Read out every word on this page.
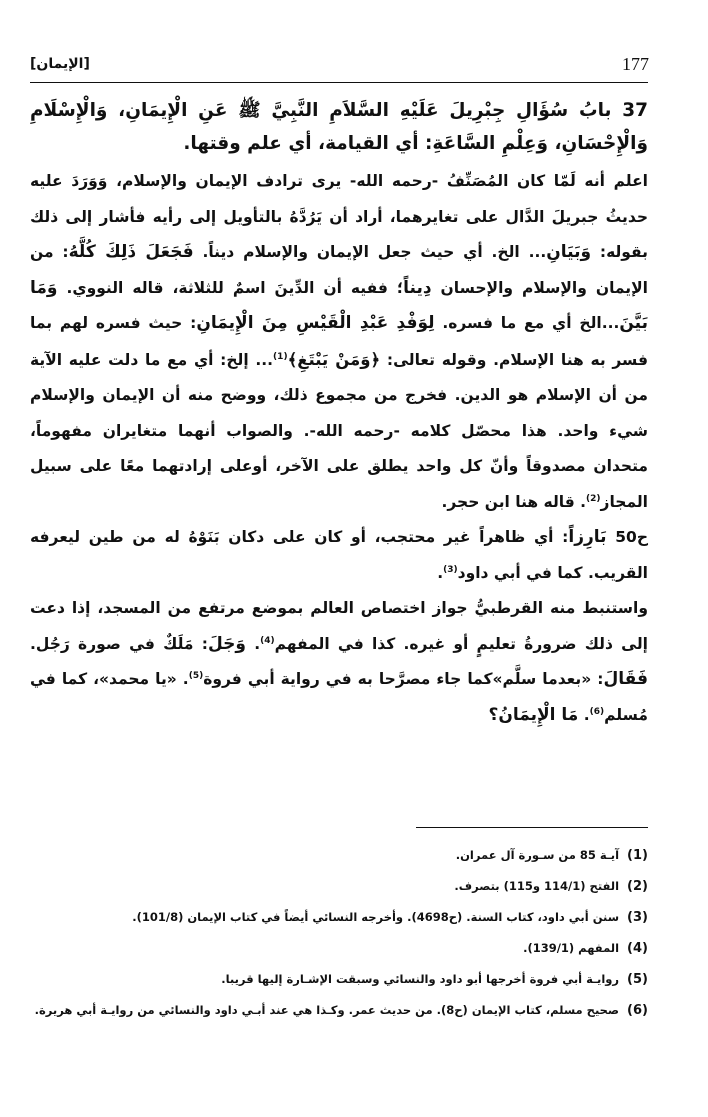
[الإيمان]	177

37 بابُ سُؤَالِ جِبْرِيلَ عَلَيْهِ السَّلاَمِ النَّبِيَّ ﷺ عَنِ الْإِيمَانِ، وَالْإِسْلَامِ وَالْإِحْسَانِ، وَعِلْمِ السَّاعَةِ: أي القيامة، أي علم وقتها.

اعلم أنه لَمّا كان المُصَنِّفُ -رحمه الله- يرى ترادف الإيمان والإسلام، وَوَرَدَ عليه حديثُ جبريلَ الدَّال على تغايرهما، أراد أن يَرُدَّهُ بالتأويل إلى رأيه فأشار إلى ذلك بقوله: وَبَيَانِ... الخ. أي حيث جعل الإيمان والإسلام ديناً. فَجَعَلَ ذَلِكَ كُلَّهُ: من الإيمان والإسلام والإحسان دِيناً؛ ففيه أن الدِّينَ اسمٌ للثلاثة، قاله النووي. وَمَا بَيَّنَ...الخ أي مع ما فسره. لِوَفْدِ عَبْدِ الْقَيْسِ مِنَ الْإِيمَانِ: حيث فسره لهم بما فسر به هنا الإسلام. وقوله تعالى: ﴿وَمَنْ يَبْتَغِ﴾$^{(1)}$... إلخ: أي مع ما دلت عليه الآية من أن الإسلام هو الدين. فخرج من مجموع ذلك، ووضح منه أن الإيمان والإسلام شيء واحد. هذا محصّل كلامه -رحمه الله-. والصواب أنهما متغايران مفهوماً، متحدان مصدوقاً وأنّ كل واحد يطلق على الآخر، أوعلى إرادتهما معًا على سبيل المجاز$^{(2)}$. قاله هنا ابن حجر.

ح50 بَارِزاً: أي ظاهراً غير محتجب، أو كان على دكان بَنَوْهُ له من طين ليعرفه القريب. كما في أبي داود$^{(3)}$.

واستنبط منه القرطبيُّ جواز اختصاص العالم بموضع مرتفع من المسجد، إذا دعت إلى ذلك ضرورةُ تعليمٍ أو غيره. كذا في المفهم$^{(4)}$. وَجَلَ: مَلَكٌ في صورة رَجُل. فَقَالَ: «بعدما سلَّم»كما جاء مصرَّحا به في رواية أبي فروة$^{(5)}$. «يا محمد»، كما في مُسلم$^{(6)}$. مَا الْإِيمَانُ؟

(1)آيـة 85 من سـورة آل عمران.

(2)الفتح (114/1 و115) بتصرف.

(3)سنن أبي داود، كتاب السنة. (ح4698). وأخرجه النسائي أيضاً في كتاب الإيمان (101/8).

(4)المفهم (139/1).

(5)روايـة أبي فروة أخرجها أبو داود والنسائي وسبقت الإشـارة إليها قريبا.

(6)صحيح مسلم، كتاب الإيمان (ح8). من حديث عمر. وكـذا هي عند أبـي داود والنسائي من روايـة أبي هريرة.
